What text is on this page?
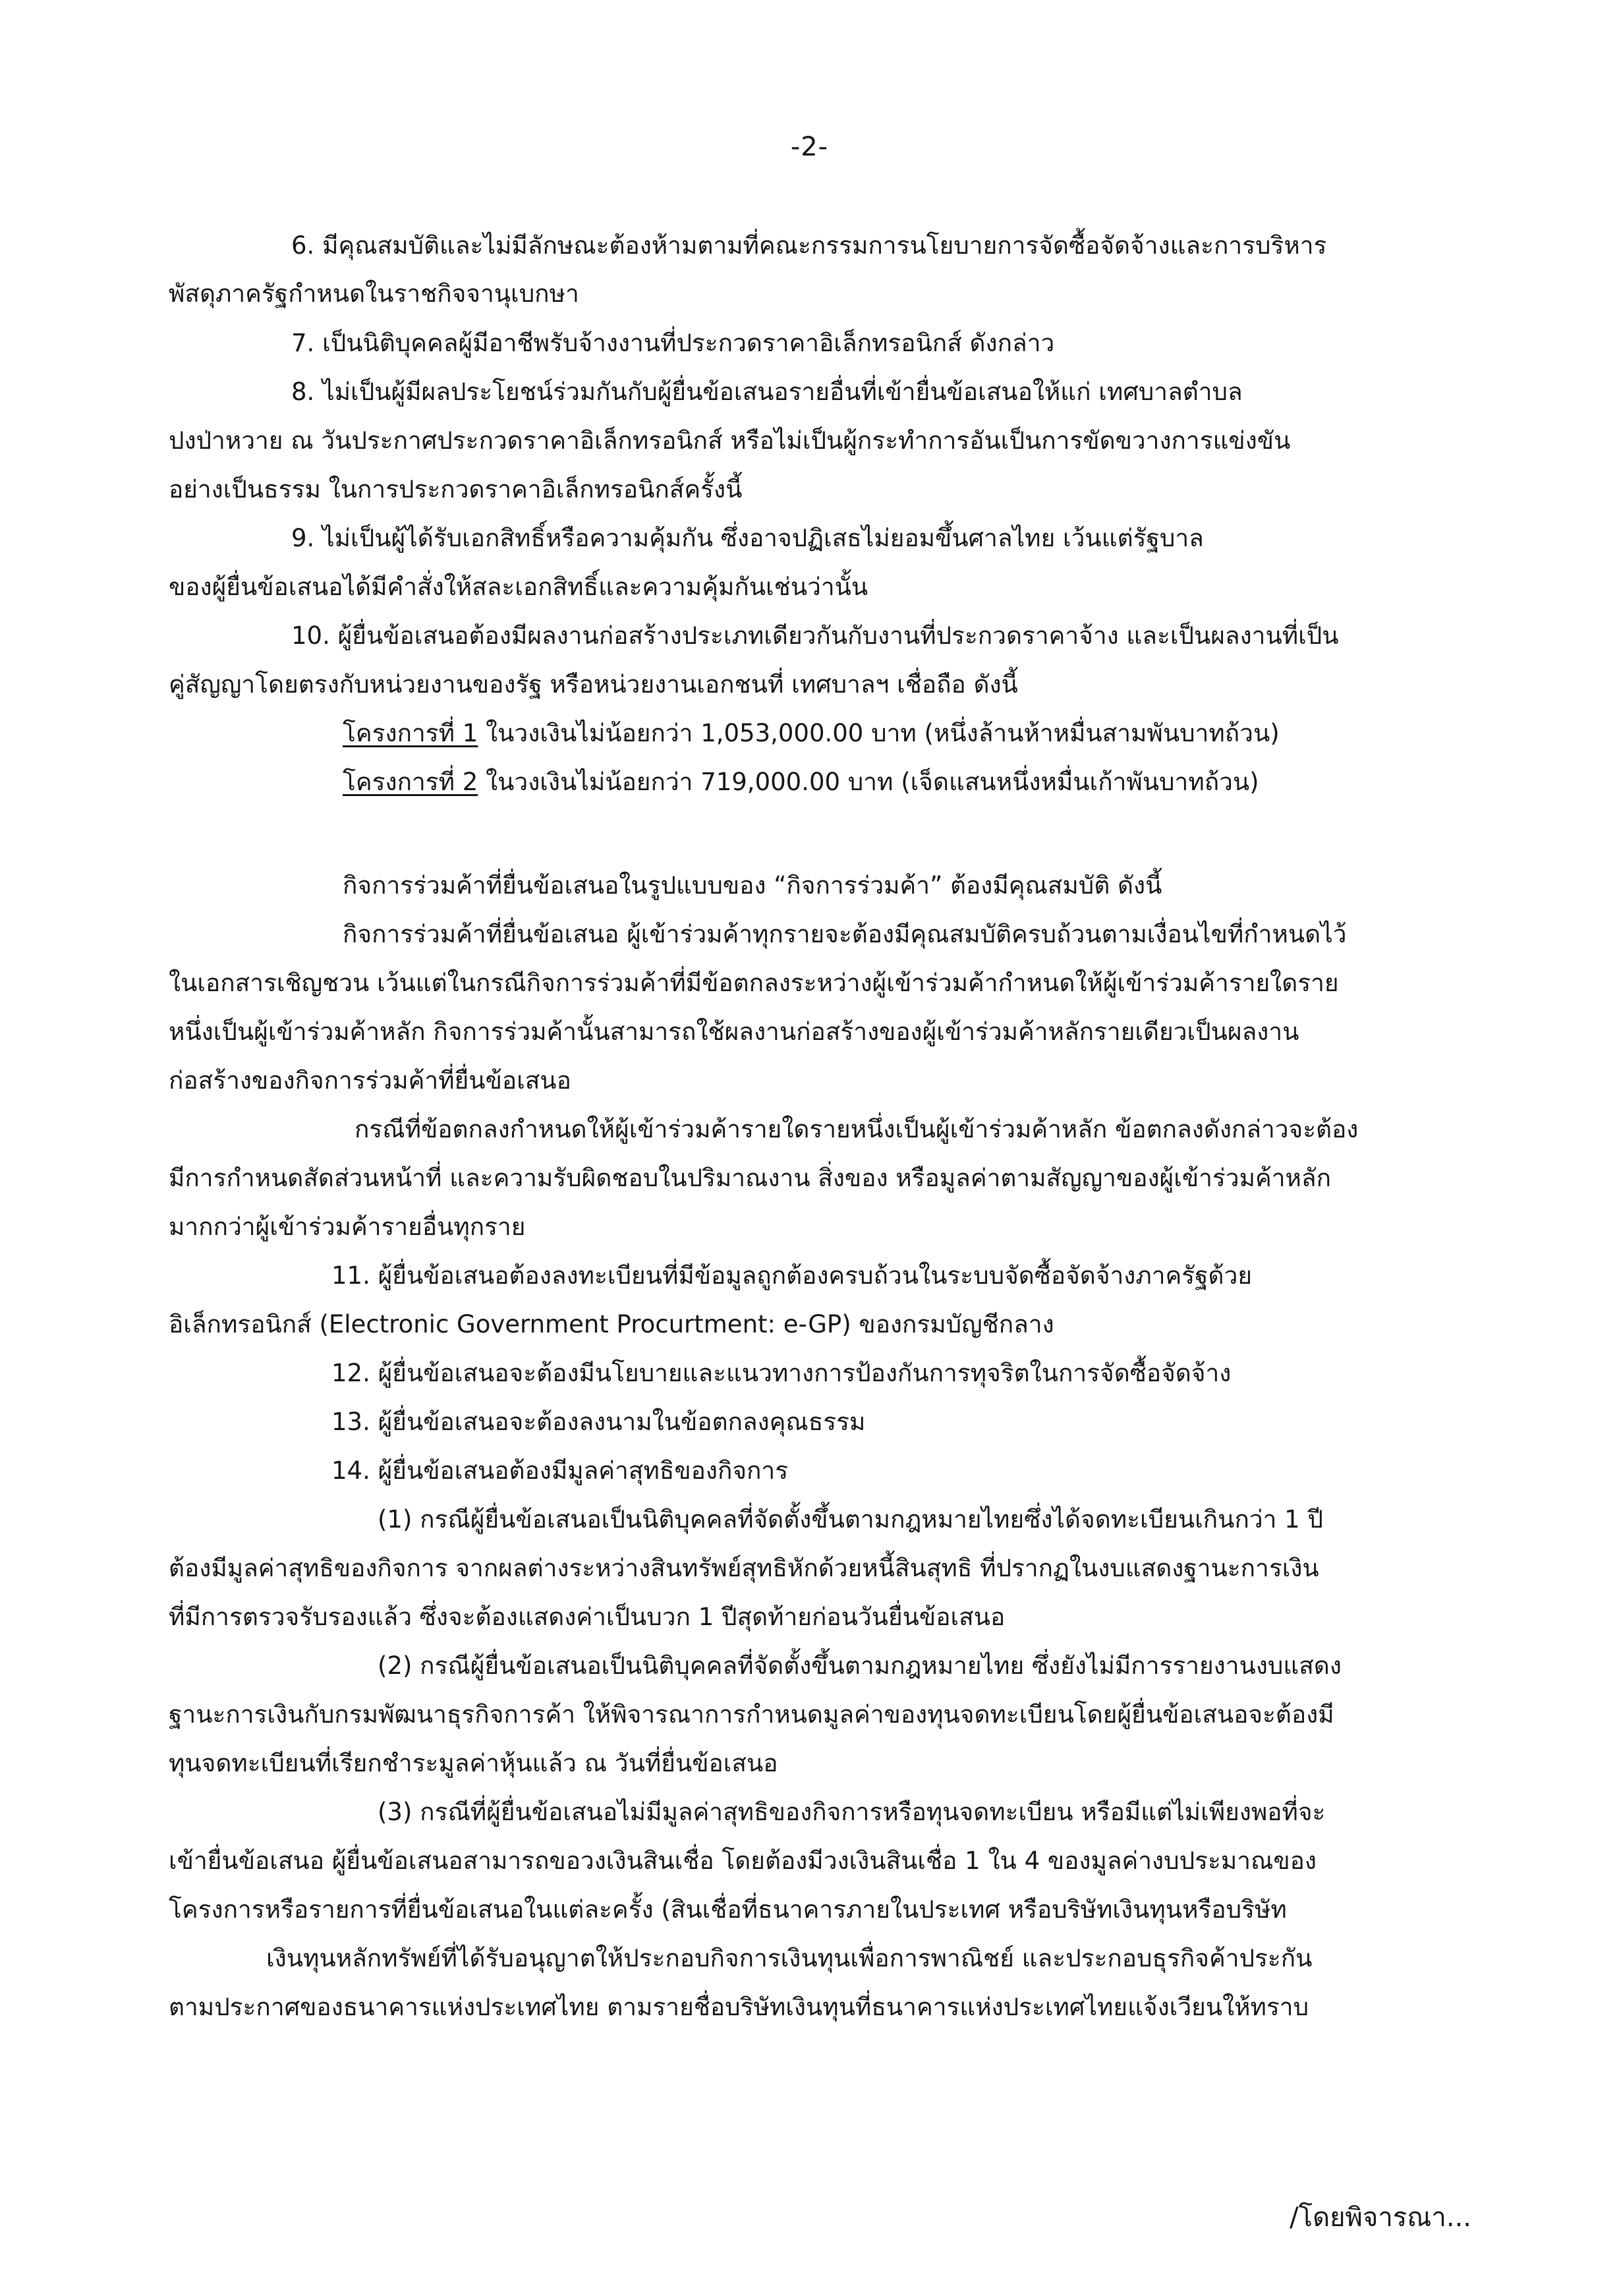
-2-
6. มีคุณสมบัติและไม่มีลักษณะต้องห้ามตามที่คณะกรรมการนโยบายการจัดซื้อจัดจ้างและการบริหาร
พัสดุภาครัฐกำหนดในราชกิจจานุเบกษา
7. เป็นนิติบุคคลผู้มีอาชีพรับจ้างงานที่ประกวดราคาอิเล็กทรอนิกส์ ดังกล่าว
8. ไม่เป็นผู้มีผลประโยชน์ร่วมกันกับผู้ยื่นข้อเสนอรายอื่นที่เข้ายื่นข้อเสนอให้แก่ เทศบาลตำบล
ปงป่าหวาย ณ วันประกาศประกวดราคาอิเล็กทรอนิกส์ หรือไม่เป็นผู้กระทำการอันเป็นการขัดขวางการแข่งขัน
อย่างเป็นธรรม ในการประกวดราคาอิเล็กทรอนิกส์ครั้งนี้
9. ไม่เป็นผู้ได้รับเอกสิทธิ์หรือความคุ้มกัน ซึ่งอาจปฏิเสธไม่ยอมขึ้นศาลไทย เว้นแต่รัฐบาล
ของผู้ยื่นข้อเสนอได้มีคำสั่งให้สละเอกสิทธิ์และความคุ้มกันเช่นว่านั้น
10. ผู้ยื่นข้อเสนอต้องมีผลงานก่อสร้างประเภทเดียวกันกับงานที่ประกวดราคาจ้าง และเป็นผลงานที่เป็น
คู่สัญญาโดยตรงกับหน่วยงานของรัฐ หรือหน่วยงานเอกชนที่ เทศบาลฯ เชื่อถือ ดังนี้
โครงการที่ 1 ในวงเงินไม่น้อยกว่า 1,053,000.00 บาท (หนึ่งล้านห้าหมื่นสามพันบาทถ้วน)
โครงการที่ 2 ในวงเงินไม่น้อยกว่า 719,000.00 บาท (เจ็ดแสนหนึ่งหมื่นเก้าพันบาทถ้วน)
กิจการร่วมค้าที่ยื่นข้อเสนอในรูปแบบของ “กิจการร่วมค้า” ต้องมีคุณสมบัติ ดังนี้
กิจการร่วมค้าที่ยื่นข้อเสนอ ผู้เข้าร่วมค้าทุกรายจะต้องมีคุณสมบัติครบถ้วนตามเงื่อนไขที่กำหนดไว้
ในเอกสารเชิญชวน เว้นแต่ในกรณีกิจการร่วมค้าที่มีข้อตกลงระหว่างผู้เข้าร่วมค้ากำหนดให้ผู้เข้าร่วมค้ารายใดราย
หนึ่งเป็นผู้เข้าร่วมค้าหลัก กิจการร่วมค้านั้นสามารถใช้ผลงานก่อสร้างของผู้เข้าร่วมค้าหลักรายเดียวเป็นผลงาน
ก่อสร้างของกิจการร่วมค้าที่ยื่นข้อเสนอ
กรณีที่ข้อตกลงกำหนดให้ผู้เข้าร่วมค้ารายใดรายหนึ่งเป็นผู้เข้าร่วมค้าหลัก ข้อตกลงดังกล่าวจะต้อง
มีการกำหนดสัดส่วนหน้าที่ และความรับผิดชอบในปริมาณงาน สิ่งของ หรือมูลค่าตามสัญญาของผู้เข้าร่วมค้าหลัก
มากกว่าผู้เข้าร่วมค้ารายอื่นทุกราย
11. ผู้ยื่นข้อเสนอต้องลงทะเบียนที่มีข้อมูลถูกต้องครบถ้วนในระบบจัดซื้อจัดจ้างภาครัฐด้วย
อิเล็กทรอนิกส์ (Electronic Government Procurtment: e-GP) ของกรมบัญชีกลาง
12. ผู้ยื่นข้อเสนอจะต้องมีนโยบายและแนวทางการป้องกันการทุจริตในการจัดซื้อจัดจ้าง
13. ผู้ยื่นข้อเสนอจะต้องลงนามในข้อตกลงคุณธรรม
14. ผู้ยื่นข้อเสนอต้องมีมูลค่าสุทธิของกิจการ
(1) กรณีผู้ยื่นข้อเสนอเป็นนิติบุคคลที่จัดตั้งขึ้นตามกฎหมายไทยซึ่งได้จดทะเบียนเกินกว่า 1 ปี
ต้องมีมูลค่าสุทธิของกิจการ จากผลต่างระหว่างสินทรัพย์สุทธิหักด้วยหนี้สินสุทธิ ที่ปรากฏในงบแสดงฐานะการเงิน
ที่มีการตรวจรับรองแล้ว ซึ่งจะต้องแสดงค่าเป็นบวก 1 ปีสุดท้ายก่อนวันยื่นข้อเสนอ
(2) กรณีผู้ยื่นข้อเสนอเป็นนิติบุคคลที่จัดตั้งขึ้นตามกฎหมายไทย ซึ่งยังไม่มีการรายงานงบแสดง
ฐานะการเงินกับกรมพัฒนาธุรกิจการค้า ให้พิจารณาการกำหนดมูลค่าของทุนจดทะเบียนโดยผู้ยื่นข้อเสนอจะต้องมี
ทุนจดทะเบียนที่เรียกชำระมูลค่าหุ้นแล้ว ณ วันที่ยื่นข้อเสนอ
(3) กรณีที่ผู้ยื่นข้อเสนอไม่มีมูลค่าสุทธิของกิจการหรือทุนจดทะเบียน หรือมีแต่ไม่เพียงพอที่จะ
เข้ายื่นข้อเสนอ ผู้ยื่นข้อเสนอสามารถขอวงเงินสินเชื่อ โดยต้องมีวงเงินสินเชื่อ 1 ใน 4 ของมูลค่างบประมาณของ
โครงการหรือรายการที่ยื่นข้อเสนอในแต่ละครั้ง (สินเชื่อที่ธนาคารภายในประเทศ หรือบริษัทเงินทุนหรือบริษัท
เงินทุนหลักทรัพย์ที่ได้รับอนุญาตให้ประกอบกิจการเงินทุนเพื่อการพาณิชย์ และประกอบธุรกิจค้าประกัน
ตามประกาศของธนาคารแห่งประเทศไทย ตามรายชื่อบริษัทเงินทุนที่ธนาคารแห่งประเทศไทยแจ้งเวียนให้ทราบ
/โดยพิจารณา...
